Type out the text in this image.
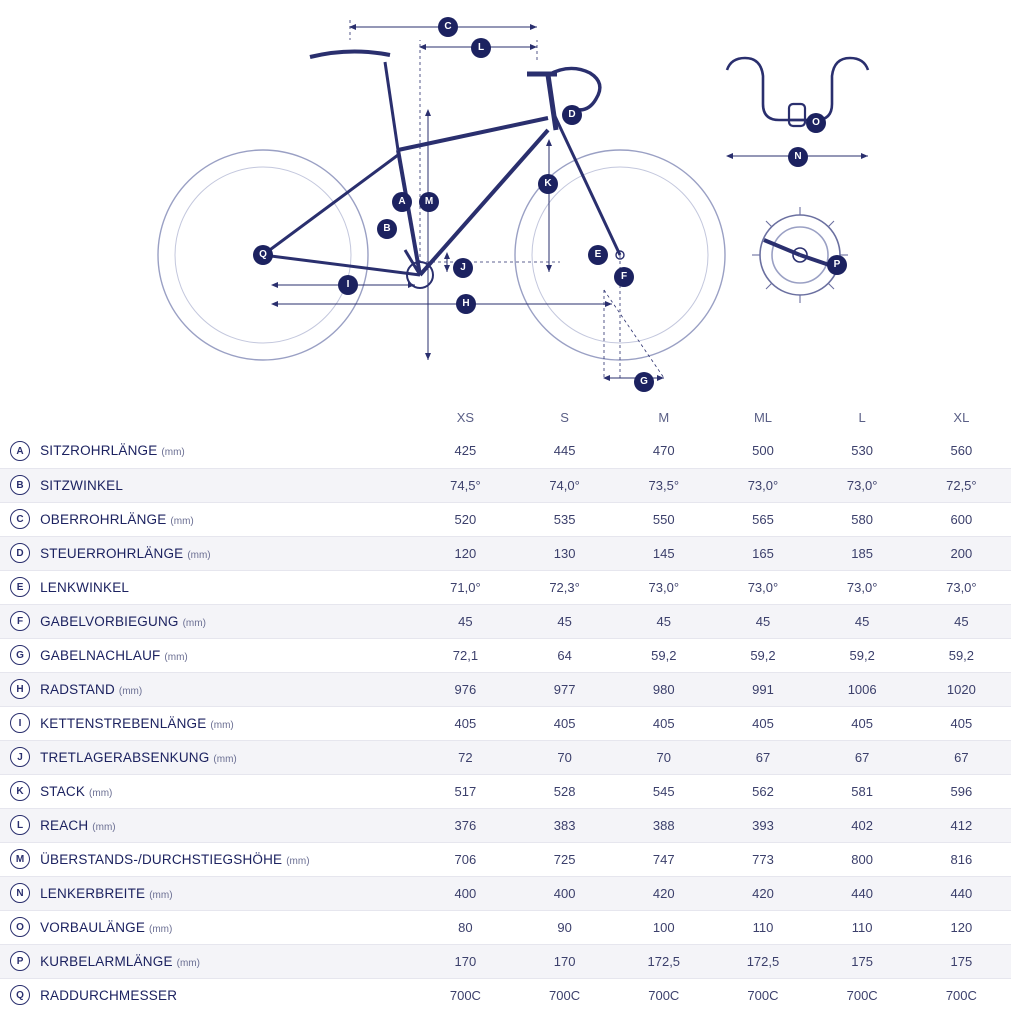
C
L
D
K
A	M
B
E
F
G
H
I
J
Q
N
O
P
		XS	S	M	ML	L	XL
A	SITZROHRLÄNGE (mm)	425	445	470	500	530	560
B	SITZWINKEL	74,5°	74,0°	73,5°	73,0°	73,0°	72,5°
C	OBERROHRLÄNGE (mm)	520	535	550	565	580	600
D	STEUERROHRLÄNGE (mm)	120	130	145	165	185	200
E	LENKWINKEL	71,0°	72,3°	73,0°	73,0°	73,0°	73,0°
F	GABELVORBIEGUNG (mm)	45	45	45	45	45	45
G	GABELNACHLAUF (mm)	72,1	64	59,2	59,2	59,2	59,2
H	RADSTAND (mm)	976	977	980	991	1006	1020
I	KETTENSTREBENLÄNGE (mm)	405	405	405	405	405	405
J	TRETLAGERABSENKUNG (mm)	72	70	70	67	67	67
K	STACK (mm)	517	528	545	562	581	596
L	REACH (mm)	376	383	388	393	402	412
M	ÜBERSTANDS-/DURCHSTIEGSHÖHE (mm)	706	725	747	773	800	816
N	LENKERBREITE (mm)	400	400	420	420	440	440
O	VORBAULÄNGE (mm)	80	90	100	110	110	120
P	KURBELARMLÄNGE (mm)	170	170	172,5	172,5	175	175
Q	RADDURCHMESSER	700C	700C	700C	700C	700C	700C
